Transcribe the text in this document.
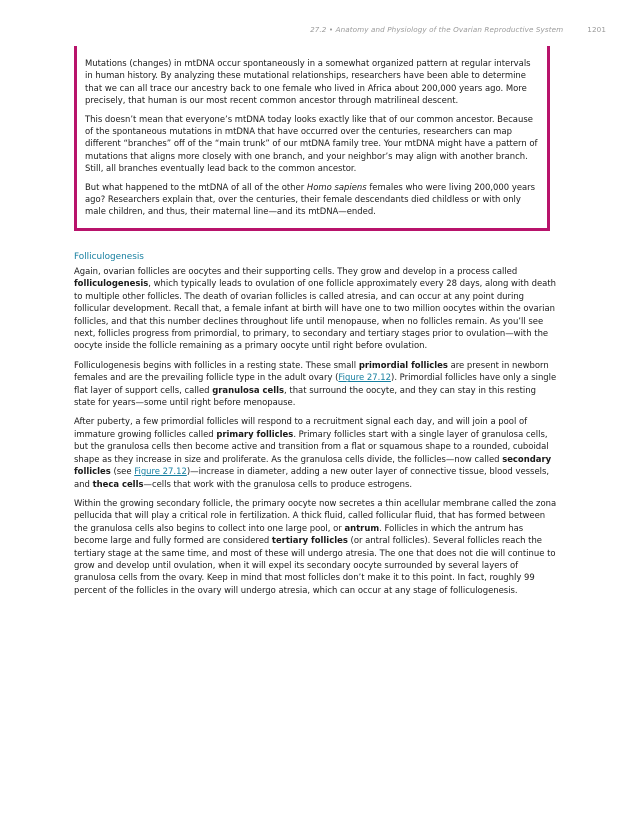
27.2 • Anatomy and Physiology of the Ovarian Reproductive System	1201

Mutations (changes) in mtDNA occur spontaneously in a somewhat organized pattern at regular intervals in human history. By analyzing these mutational relationships, researchers have been able to determine that we can all trace our ancestry back to one female who lived in Africa about 200,000 years ago. More precisely, that human is our most recent common ancestor through matrilineal descent.

This doesn’t mean that everyone’s mtDNA today looks exactly like that of our common ancestor. Because of the spontaneous mutations in mtDNA that have occurred over the centuries, researchers can map different “branches” off of the “main trunk” of our mtDNA family tree. Your mtDNA might have a pattern of mutations that aligns more closely with one branch, and your neighbor’s may align with another branch. Still, all branches eventually lead back to the common ancestor.

But what happened to the mtDNA of all of the other Homo sapiens females who were living 200,000 years ago? Researchers explain that, over the centuries, their female descendants died childless or with only male children, and thus, their maternal line—and its mtDNA—ended.

Folliculogenesis

Again, ovarian follicles are oocytes and their supporting cells. They grow and develop in a process called folliculogenesis, which typically leads to ovulation of one follicle approximately every 28 days, along with death to multiple other follicles. The death of ovarian follicles is called atresia, and can occur at any point during follicular development. Recall that, a female infant at birth will have one to two million oocytes within the ovarian follicles, and that this number declines throughout life until menopause, when no follicles remain. As you’ll see next, follicles progress from primordial, to primary, to secondary and tertiary stages prior to ovulation—with the oocyte inside the follicle remaining as a primary oocyte until right before ovulation.

Folliculogenesis begins with follicles in a resting state. These small primordial follicles are present in newborn females and are the prevailing follicle type in the adult ovary (Figure 27.12). Primordial follicles have only a single flat layer of support cells, called granulosa cells, that surround the oocyte, and they can stay in this resting state for years—some until right before menopause.

After puberty, a few primordial follicles will respond to a recruitment signal each day, and will join a pool of immature growing follicles called primary follicles. Primary follicles start with a single layer of granulosa cells, but the granulosa cells then become active and transition from a flat or squamous shape to a rounded, cuboidal shape as they increase in size and proliferate. As the granulosa cells divide, the follicles—now called secondary follicles (see Figure 27.12)—increase in diameter, adding a new outer layer of connective tissue, blood vessels, and theca cells—cells that work with the granulosa cells to produce estrogens.

Within the growing secondary follicle, the primary oocyte now secretes a thin acellular membrane called the zona pellucida that will play a critical role in fertilization. A thick fluid, called follicular fluid, that has formed between the granulosa cells also begins to collect into one large pool, or antrum. Follicles in which the antrum has become large and fully formed are considered tertiary follicles (or antral follicles). Several follicles reach the tertiary stage at the same time, and most of these will undergo atresia. The one that does not die will continue to grow and develop until ovulation, when it will expel its secondary oocyte surrounded by several layers of granulosa cells from the ovary. Keep in mind that most follicles don’t make it to this point. In fact, roughly 99 percent of the follicles in the ovary will undergo atresia, which can occur at any stage of folliculogenesis.
